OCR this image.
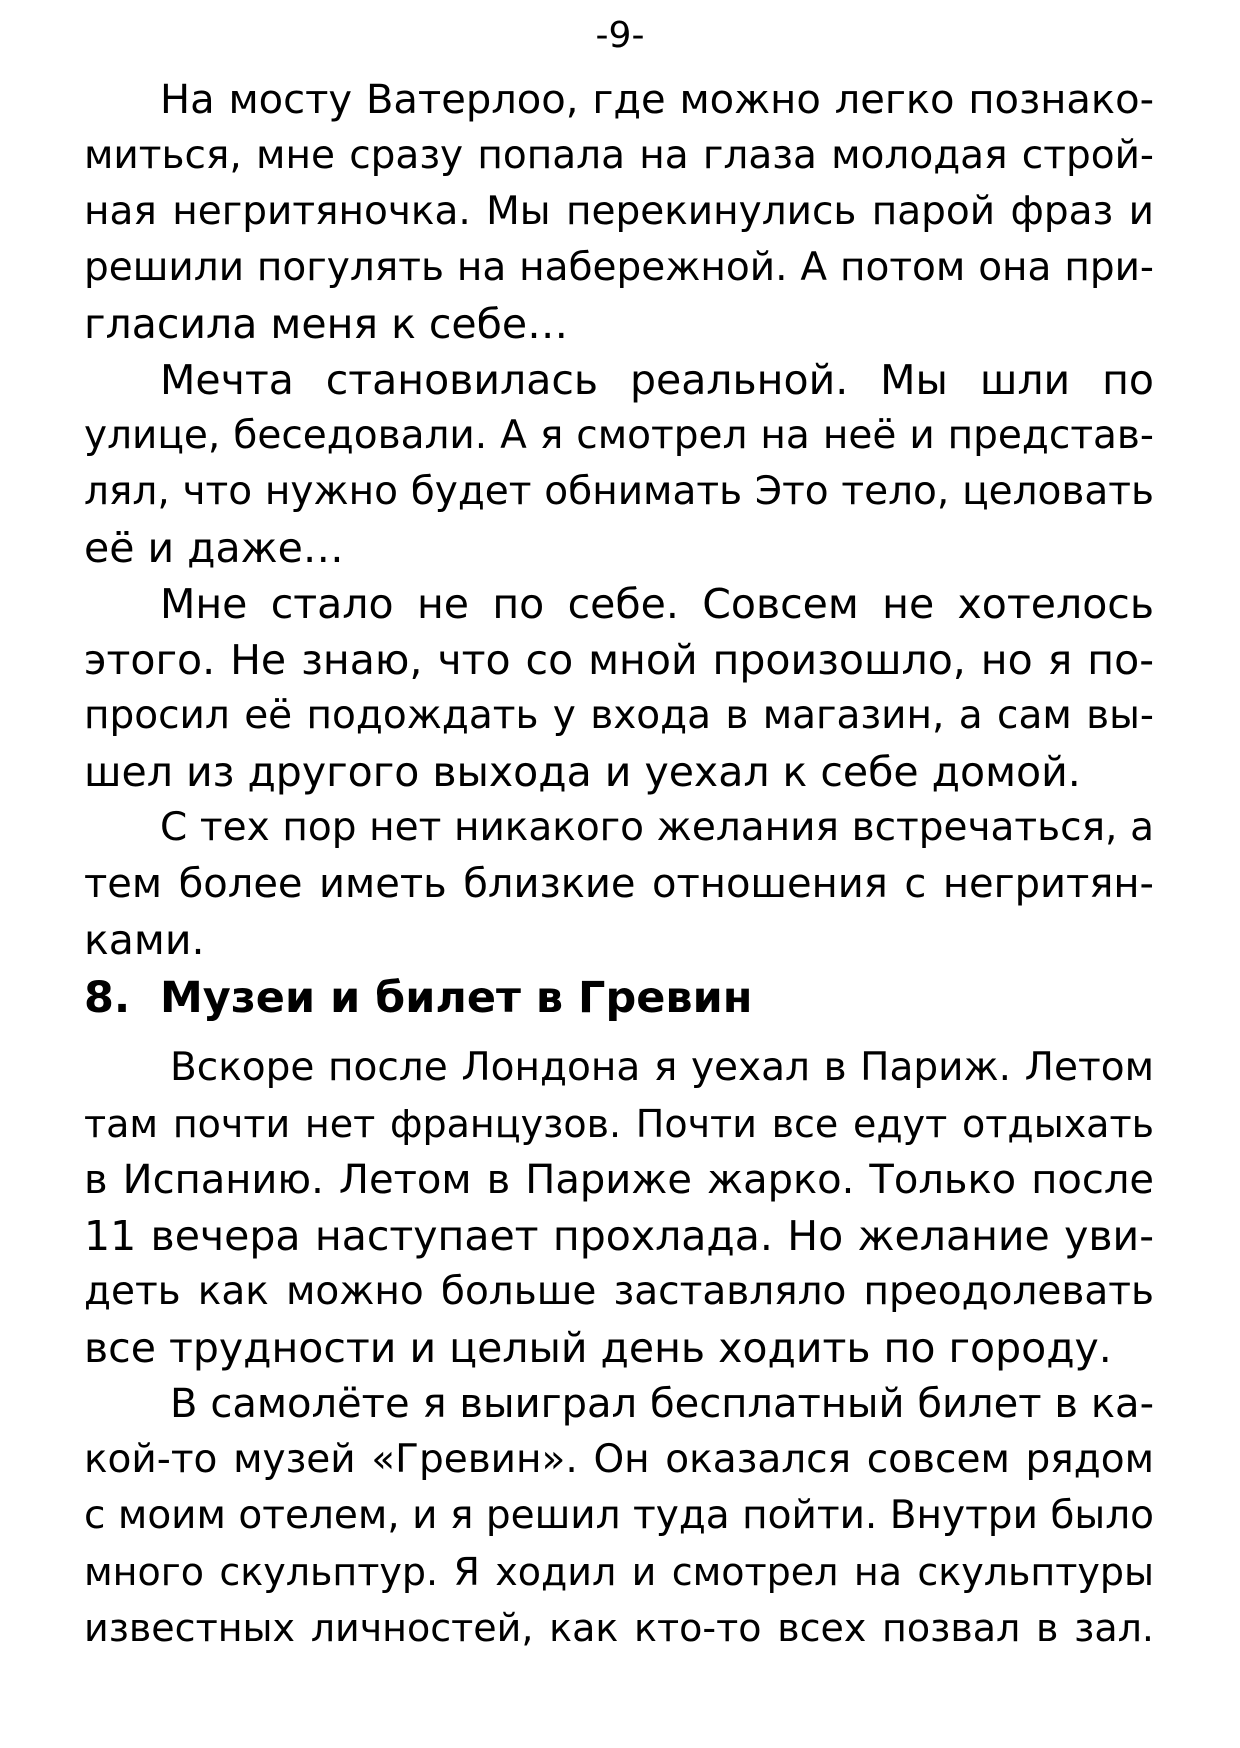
-9-
На мосту Ватерлоо, где можно легко познако-
миться, мне сразу попала на глаза молодая строй-
ная негритяночка. Мы перекинулись парой фраз и
решили погулять на набережной. А потом она при-
гласила меня к себе…
Мечта становилась реальной. Мы шли по
улице, беседовали. А я смотрел на неё и представ-
лял, что нужно будет обнимать Это тело, целовать
её и даже…
Мне стало не по себе. Совсем не хотелось
этого. Не знаю, что со мной произошло, но я по-
просил её подождать у входа в магазин, а сам вы-
шел из другого выхода и уехал к себе домой.
С тех пор нет никакого желания встречаться, а
тем более иметь близкие отношения с негритян-
ками.
8. Музеи и билет в Гревин
Вскоре после Лондона я уехал в Париж. Летом
там почти нет французов. Почти все едут отдыхать
в Испанию. Летом в Париже жарко. Только после
11 вечера наступает прохлада. Но желание уви-
деть как можно больше заставляло преодолевать
все трудности и целый день ходить по городу.
В самолёте я выиграл бесплатный билет в ка-
кой-то музей «Гревин». Он оказался совсем рядом
с моим отелем, и я решил туда пойти. Внутри было
много скульптур. Я ходил и смотрел на скульптуры
известных личностей, как кто-то всех позвал в зал.
